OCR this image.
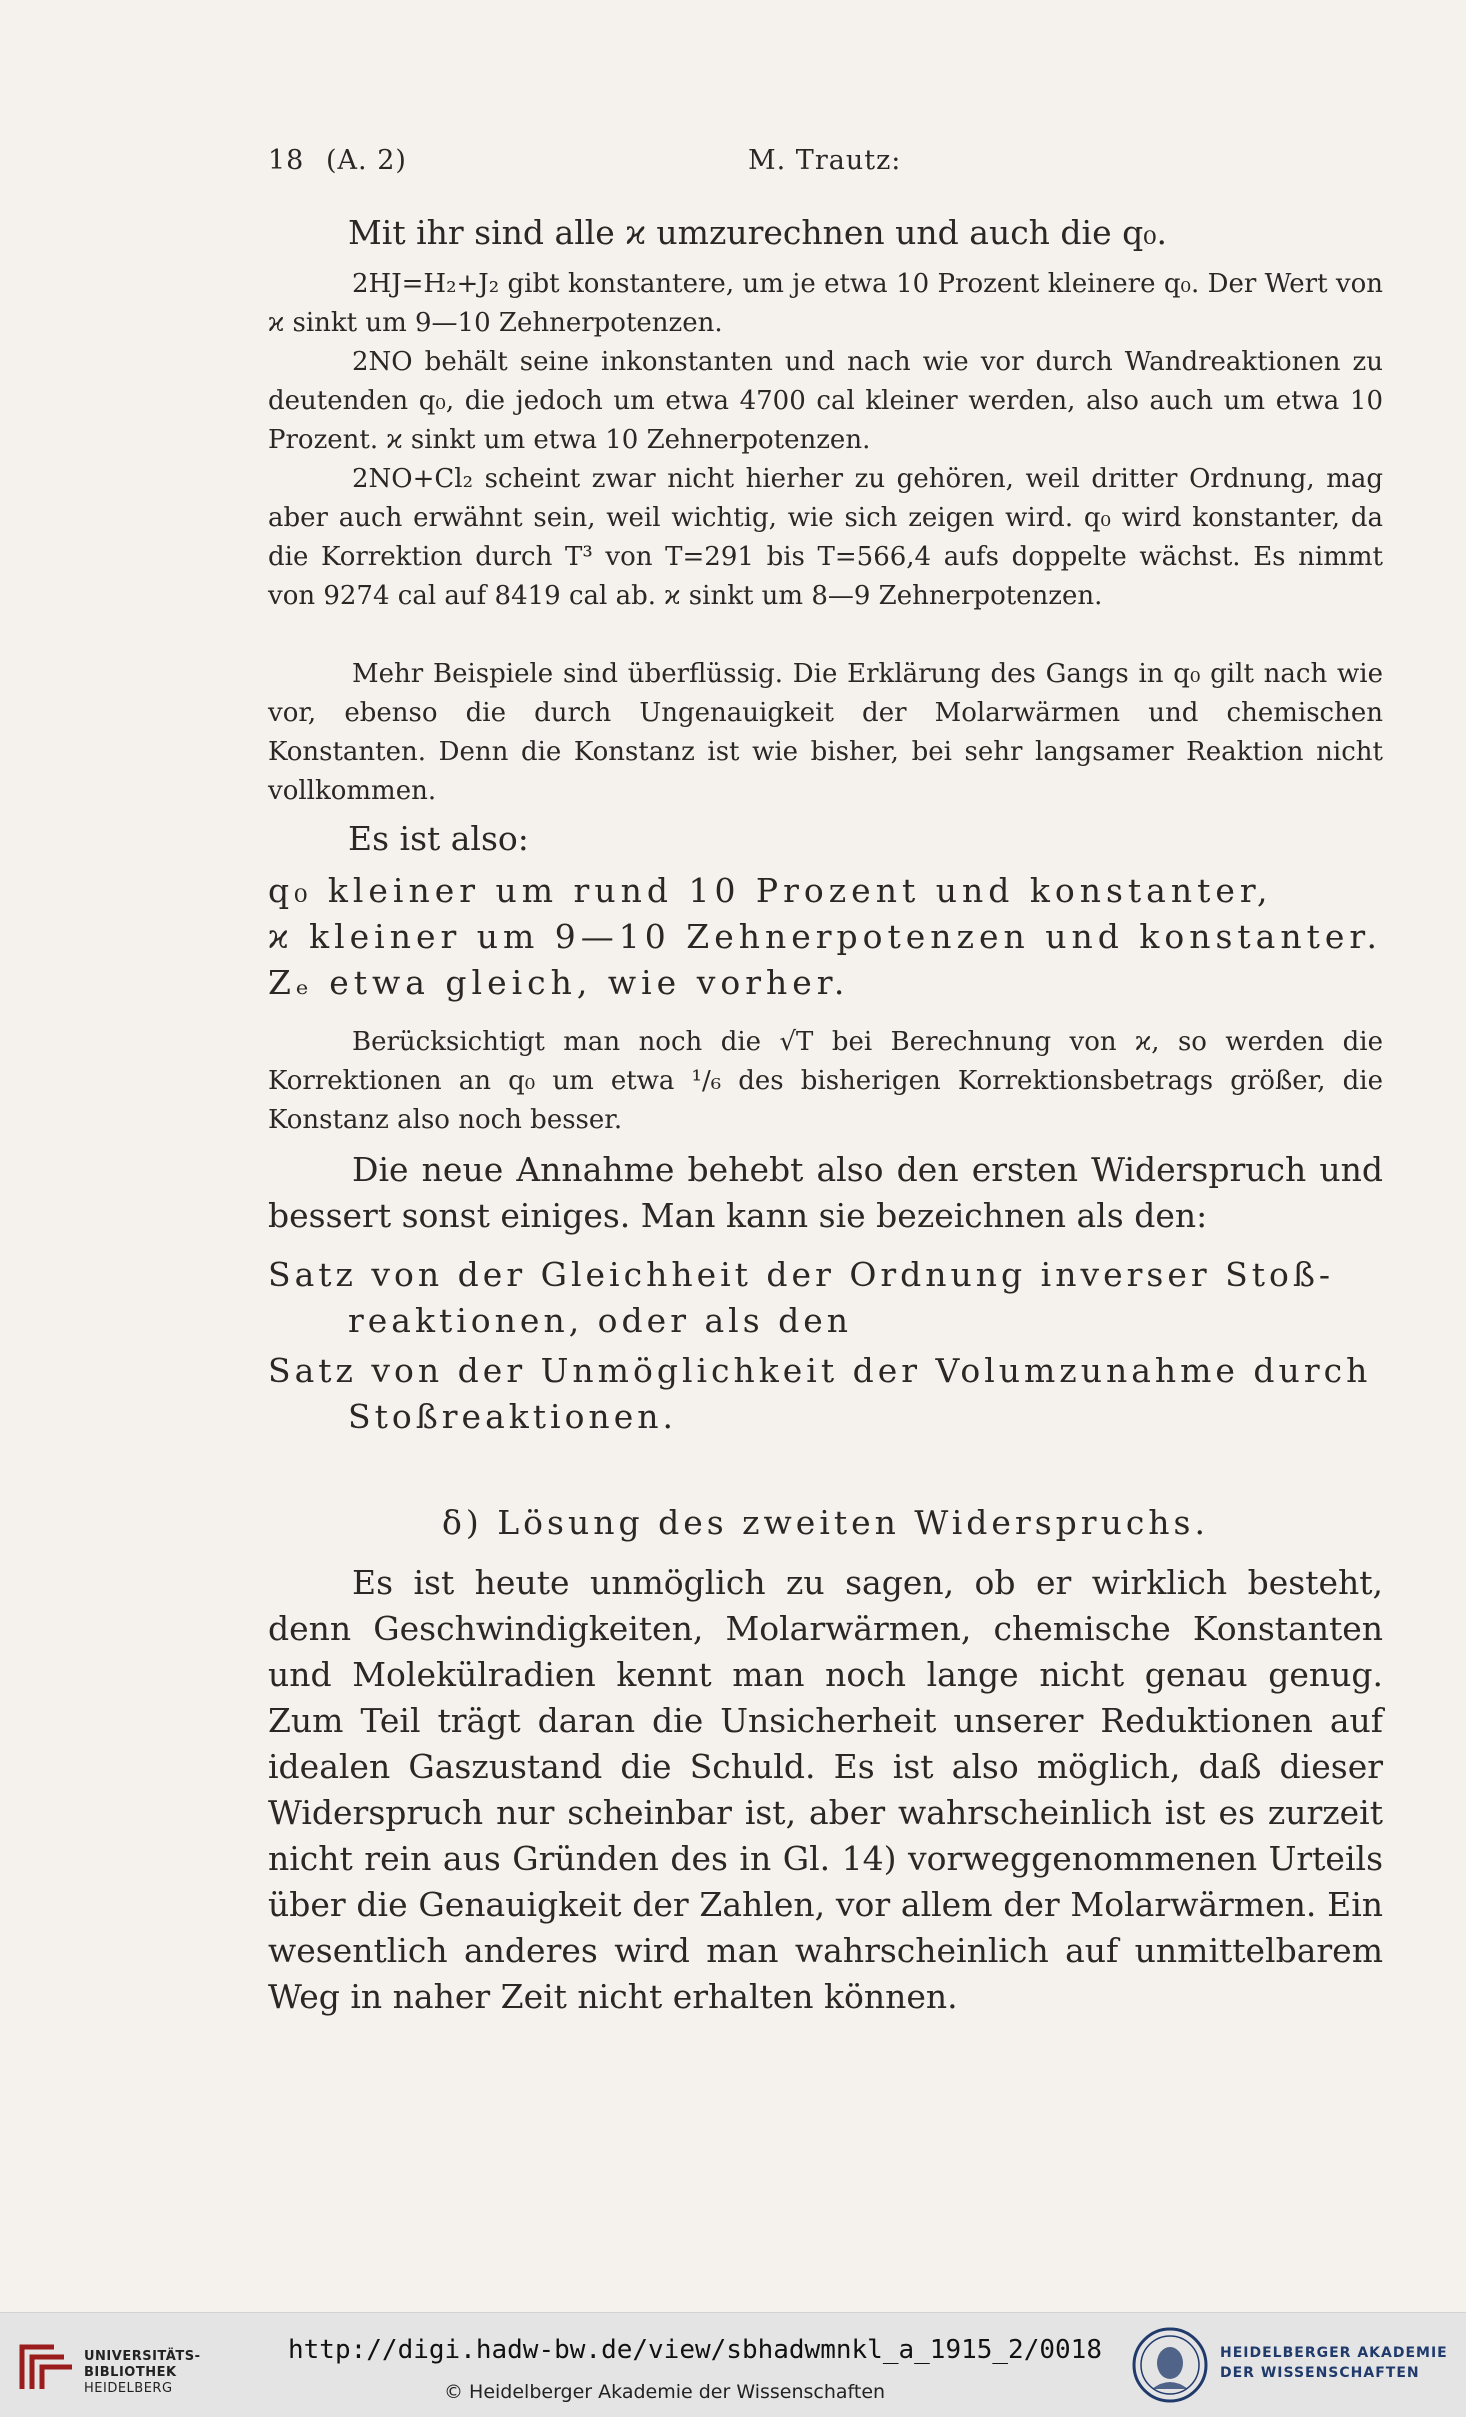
18 (A. 2)	M. Trautz:
Mit ihr sind alle ϰ umzurechnen und auch die q₀.
2HJ=H₂+J₂ gibt konstantere, um je etwa 10 Prozent kleinere q₀. Der Wert von ϰ sinkt um 9—10 Zehnerpotenzen.
2NO behält seine inkonstanten und nach wie vor durch Wandreaktionen zu deutenden q₀, die jedoch um etwa 4700 cal kleiner werden, also auch um etwa 10 Prozent. ϰ sinkt um etwa 10 Zehnerpotenzen.
2NO+Cl₂ scheint zwar nicht hierher zu gehören, weil dritter Ordnung, mag aber auch erwähnt sein, weil wichtig, wie sich zeigen wird. q₀ wird konstanter, da die Korrektion durch T³ von T=291 bis T=566,4 aufs doppelte wächst. Es nimmt von 9274 cal auf 8419 cal ab. ϰ sinkt um 8—9 Zehnerpotenzen.
Mehr Beispiele sind überflüssig. Die Erklärung des Gangs in q₀ gilt nach wie vor, ebenso die durch Ungenauigkeit der Molarwärmen und chemischen Konstanten. Denn die Konstanz ist wie bisher, bei sehr langsamer Reaktion nicht vollkommen.
Es ist also:
q₀ kleiner um rund 10 Prozent und konstanter,
ϰ kleiner um 9—10 Zehnerpotenzen und konstanter.
Zₑ etwa gleich, wie vorher.
Berücksichtigt man noch die √T bei Berechnung von ϰ, so werden die Korrektionen an q₀ um etwa ¹/₆ des bisherigen Korrektionsbetrags größer, die Konstanz also noch besser.
Die neue Annahme behebt also den ersten Widerspruch und bessert sonst einiges. Man kann sie bezeichnen als den:
Satz von der Gleichheit der Ordnung inverser Stoß-
reaktionen, oder als den
Satz von der Unmöglichkeit der Volumzunahme durch
Stoßreaktionen.
δ) Lösung des zweiten Widerspruchs.
Es ist heute unmöglich zu sagen, ob er wirklich besteht, denn Geschwindigkeiten, Molarwärmen, chemische Konstanten und Molekülradien kennt man noch lange nicht genau genug. Zum Teil trägt daran die Unsicherheit unserer Reduktionen auf idealen Gaszustand die Schuld. Es ist also möglich, daß dieser Widerspruch nur scheinbar ist, aber wahrscheinlich ist es zurzeit nicht rein aus Gründen des in Gl. 14) vorweggenommenen Urteils über die Genauigkeit der Zahlen, vor allem der Molarwärmen. Ein wesentlich anderes wird man wahrscheinlich auf unmittelbarem Weg in naher Zeit nicht erhalten können.
UNIVERSITÄTS-
BIBLIOTHEK
HEIDELBERG
http://digi.hadw-bw.de/view/sbhadwmnkl_a_1915_2/0018
© Heidelberger Akademie der Wissenschaften
HEIDELBERGER AKADEMIE
DER WISSENSCHAFTEN
